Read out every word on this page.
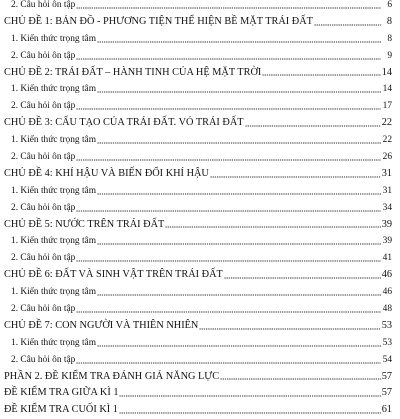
2. Câu hỏi ôn tập	6
CHỦ ĐỀ 1: BẢN ĐỒ - PHƯƠNG TIỆN THỂ HIỆN BỀ MẶT TRÁI ĐẤT	8
1. Kiến thức trọng tâm	8
2. Câu hỏi ôn tập	9
CHỦ ĐỀ 2: TRÁI ĐẤT – HÀNH TINH CỦA HỆ MẶT TRỜI	14
1. Kiến thức trọng tâm	14
2. Câu hỏi ôn tập	17
CHỦ ĐỀ 3: CẤU TẠO CỦA TRÁI ĐẤT. VỎ TRÁI ĐẤT	22
1. Kiến thức trọng tâm	22
2. Câu hỏi ôn tập	26
CHỦ ĐỀ 4: KHÍ HẬU VÀ BIẾN ĐỔI KHÍ HẬU	31
1. Kiến thức trọng tâm	31
2. Câu hỏi ôn tập	34
CHỦ ĐỀ 5: NƯỚC TRÊN TRÁI ĐẤT	39
1. Kiến thức trọng tâm	39
2. Câu hỏi ôn tập	41
CHỦ ĐỀ 6: ĐẤT VÀ SINH VẬT TRÊN TRÁI ĐẤT	46
1. Kiến thức trọng tâm	46
2. Câu hỏi ôn tập	48
CHỦ ĐỀ 7: CON NGƯỜI VÀ THIÊN NHIÊN	53
1. Kiến thức trọng tâm	53
2. Câu hỏi ôn tập	54
PHẦN 2. ĐỀ KIỂM TRA ĐÁNH GIÁ NĂNG LỰC	57
ĐỀ KIỂM TRA GIỮA KÌ 1	57
ĐỀ KIỂM TRA CUỐI KÌ 1	61
